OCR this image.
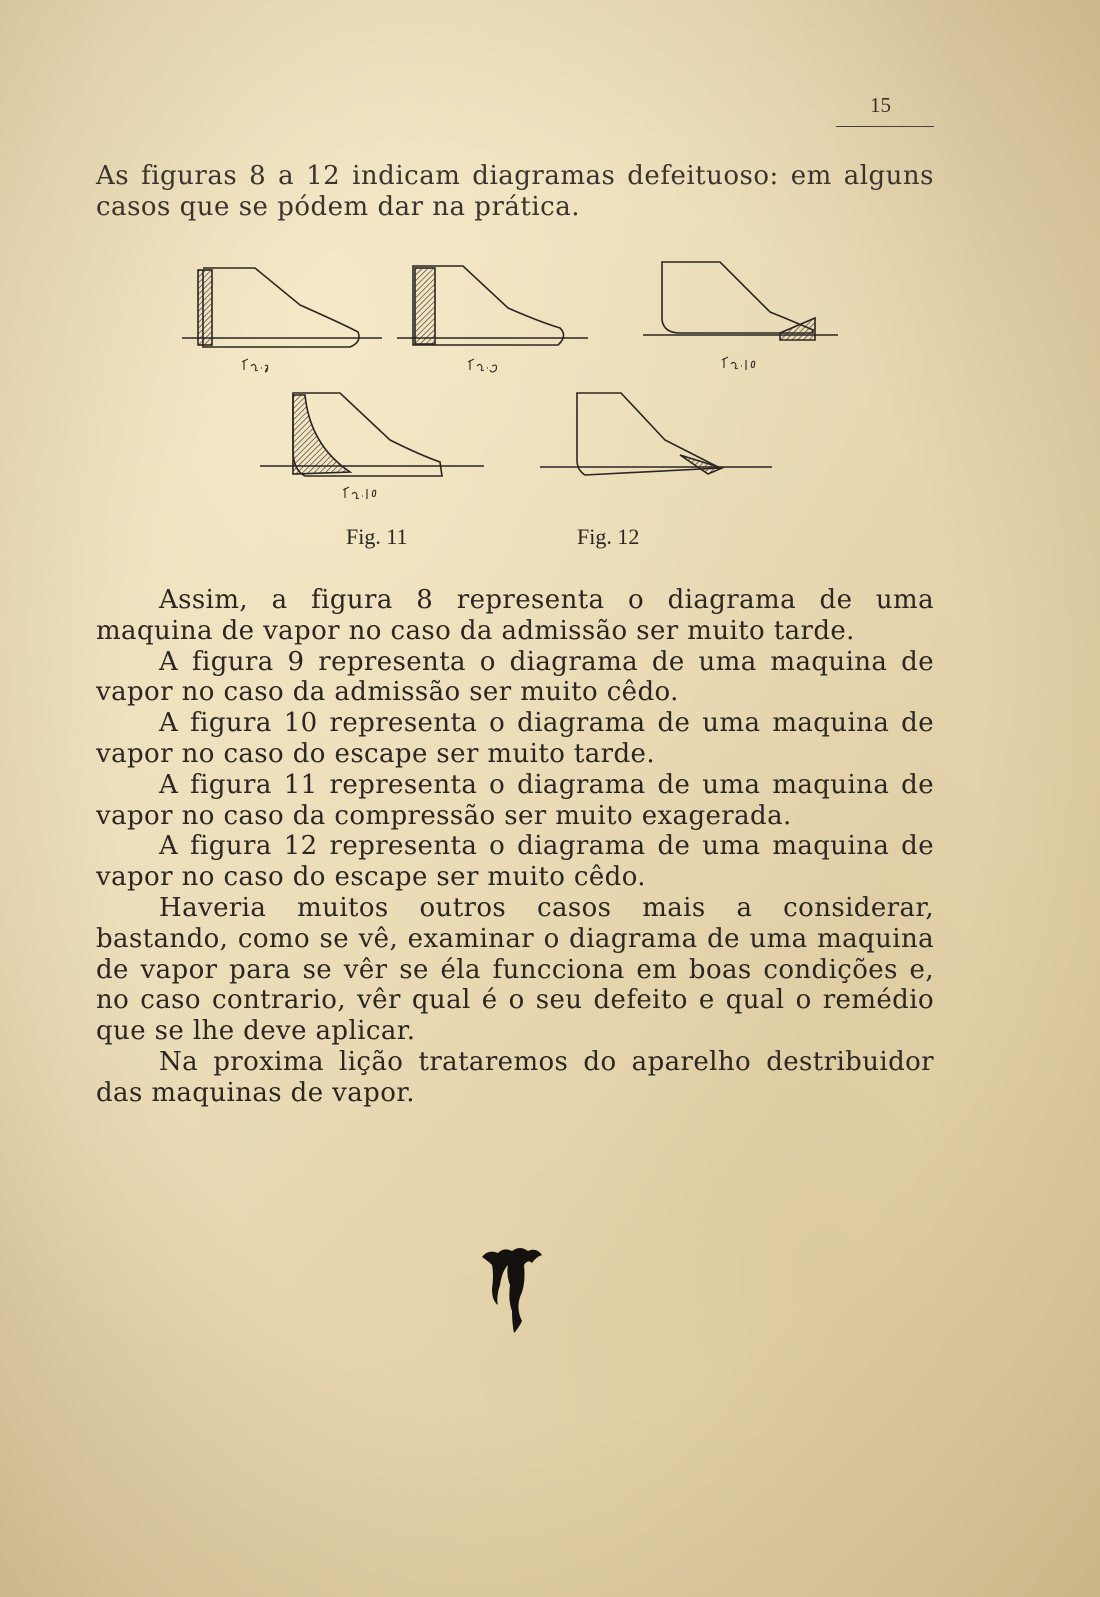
15
As figuras 8 a 12 indicam diagramas defeituoso: em alguns casos que se pódem dar na prática.
Fig. 11	Fig. 12

Assim, a figura 8 representa o diagrama de uma maquina de vapor no caso da admissão ser muito tarde.

A figura 9 representa o diagrama de uma maquina de vapor no caso da admissão ser muito cêdo.

A figura 10 representa o diagrama de uma maquina de vapor no caso do escape ser muito tarde.

A figura 11 representa o diagrama de uma maquina de vapor no caso da compressão ser muito exagerada.

A figura 12 representa o diagrama de uma maquina de vapor no caso do escape ser muito cêdo.

Haveria muitos outros casos mais a considerar, bastando, como se vê, examinar o diagrama de uma maquina de vapor para se vêr se éla funcciona em boas condições e, no caso contrario, vêr qual é o seu defeito e qual o remédio que se lhe deve aplicar.

Na proxima lição trataremos do aparelho destribuidor das maquinas de vapor.
